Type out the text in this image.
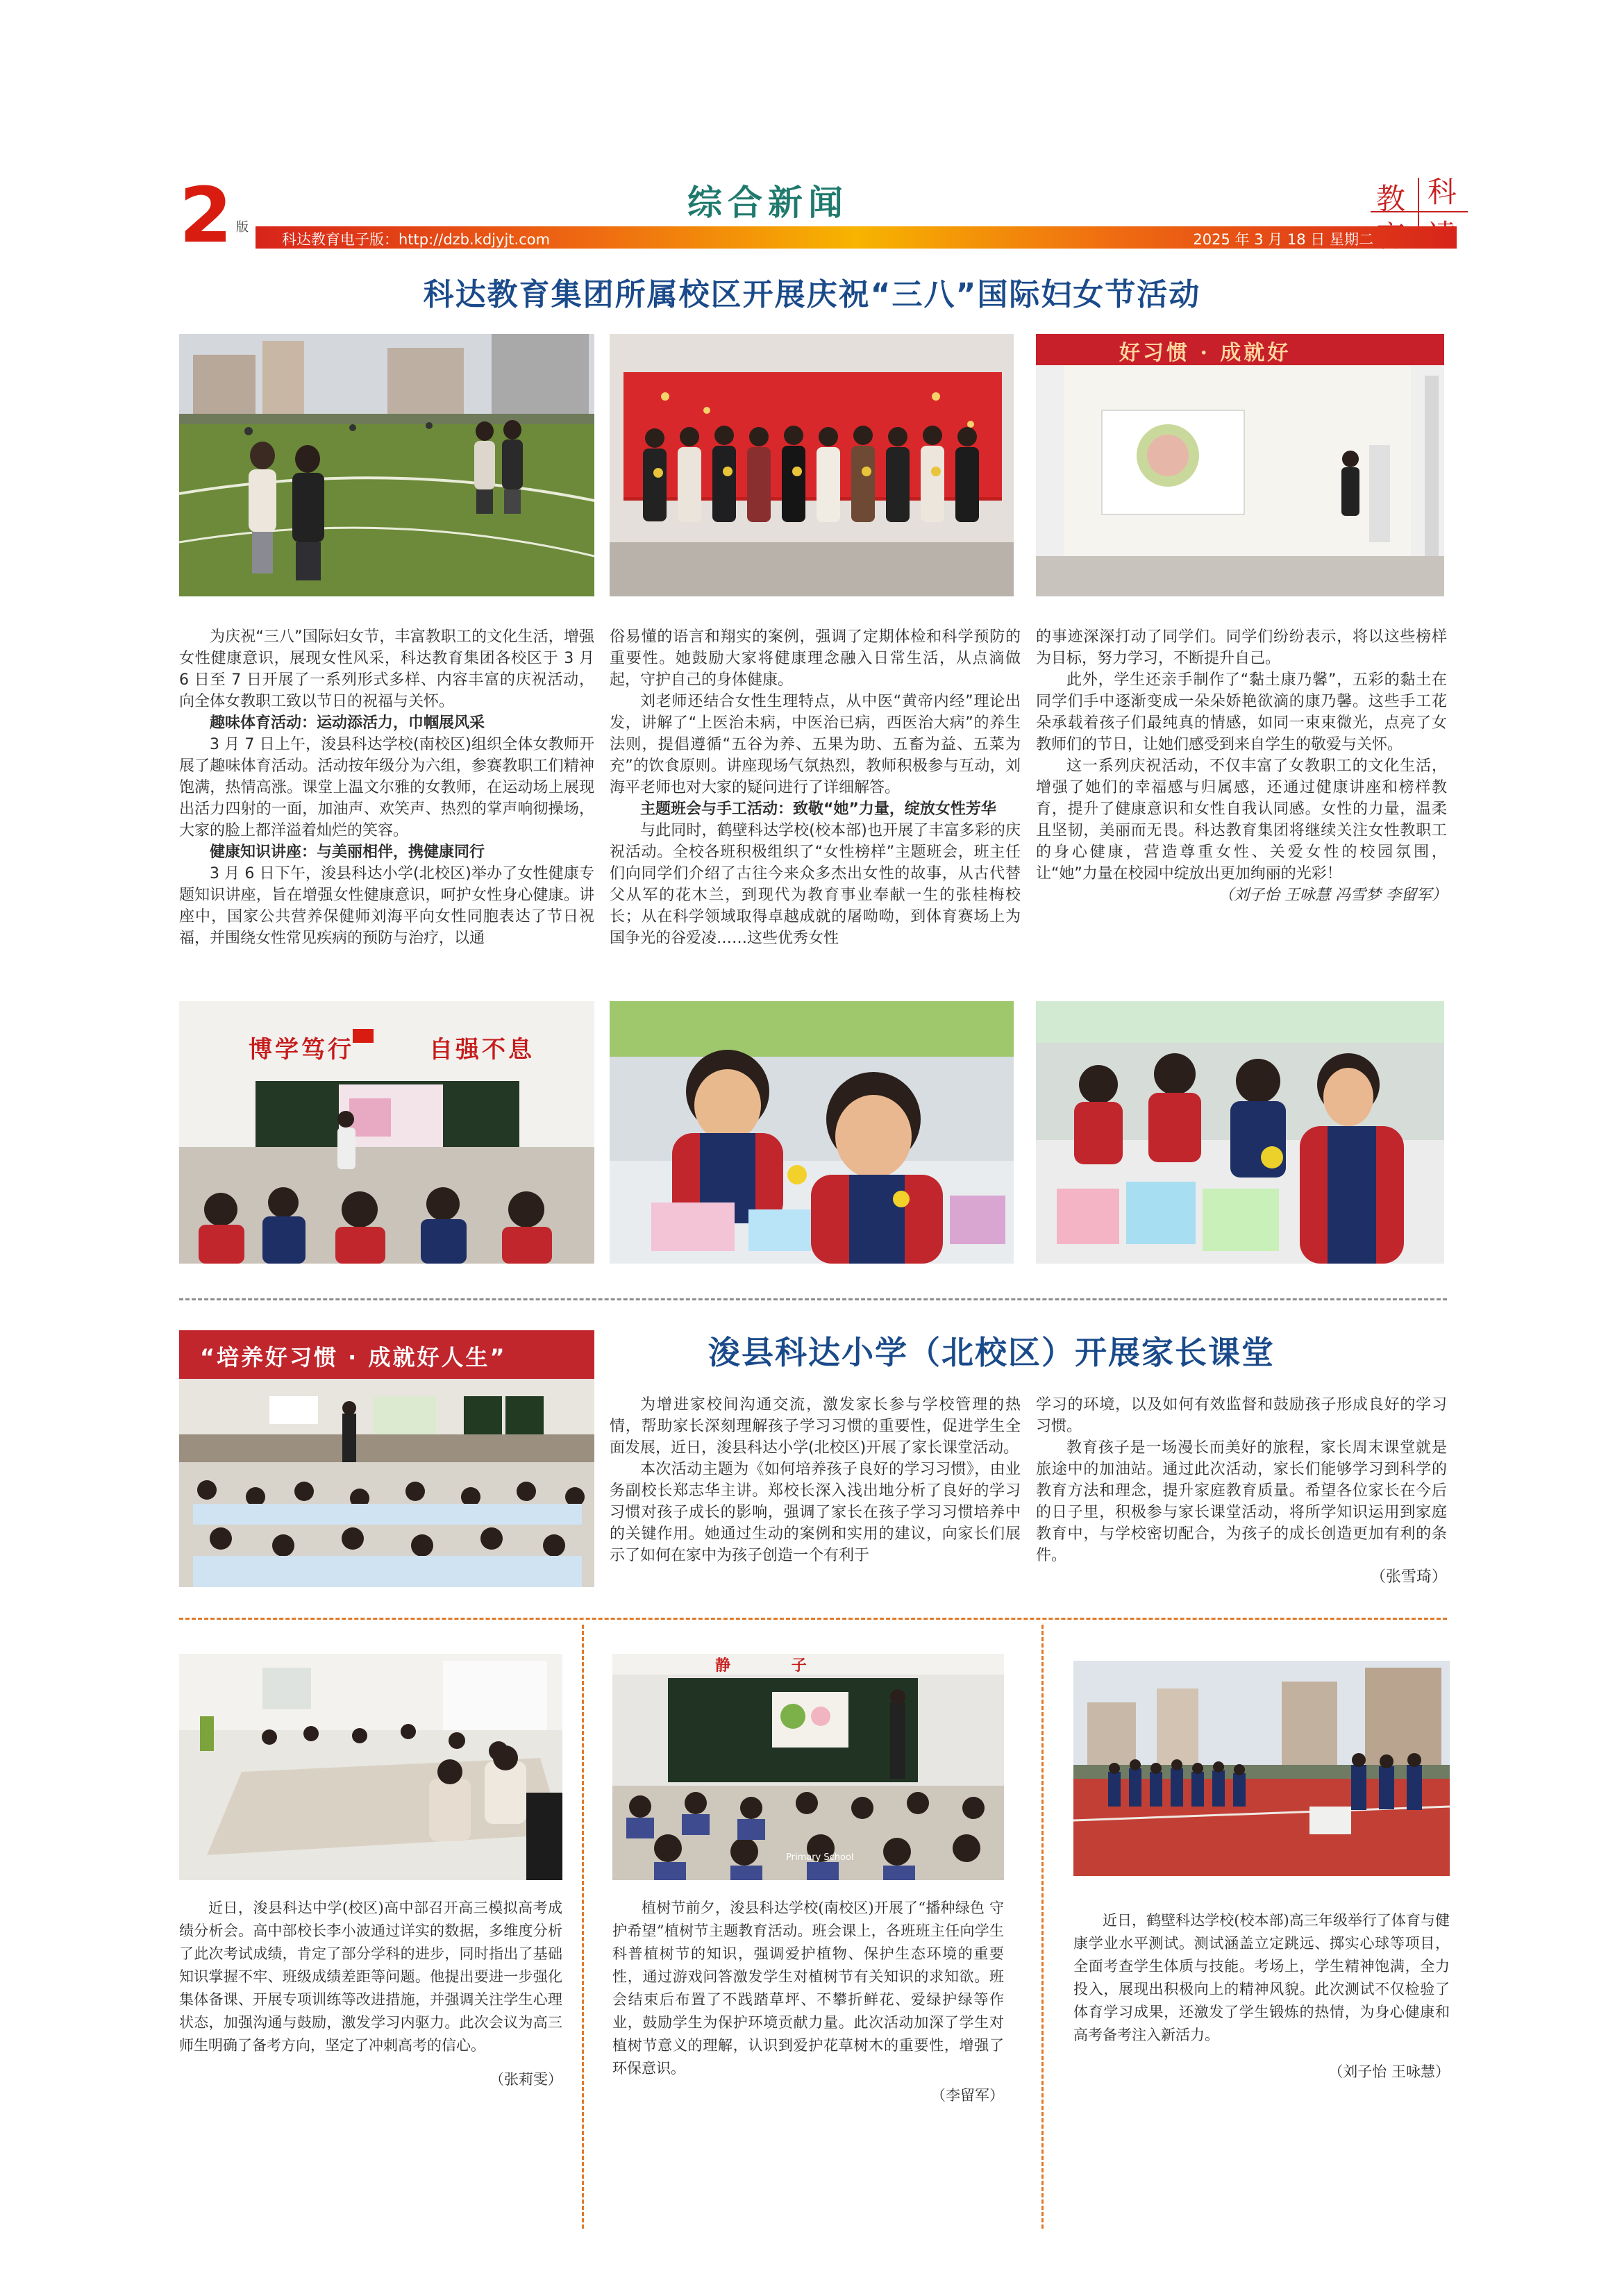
2 版
综合新闻	教 科
科达教育电子版：http://dzb.kdjyjt.com	2025 年 3 月 18 日 星期二
科达教育集团所属校区开展庆祝“三八”国际妇女节活动
好习惯 · 成就好

为庆祝“三八”国际妇女节，丰富教职工的文化生活，增强女性健康意识，展现女性风采，科达教育集团各校区于 3 月 6 日至 7 日开展了一系列形式多样、内容丰富的庆祝活动，向全体女教职工致以节日的祝福与关怀。

趣味体育活动：运动添活力，巾帼展风采

3 月 7 日上午，浚县科达学校(南校区)组织全体女教师开展了趣味体育活动。活动按年级分为六组，参赛教职工们精神饱满，热情高涨。课堂上温文尔雅的女教师，在运动场上展现出活力四射的一面，加油声、欢笑声、热烈的掌声响彻操场，大家的脸上都洋溢着灿烂的笑容。

健康知识讲座：与美丽相伴，携健康同行

3 月 6 日下午，浚县科达小学(北校区)举办了女性健康专题知识讲座，旨在增强女性健康意识，呵护女性身心健康。讲座中，国家公共营养保健师刘海平向女性同胞表达了节日祝福，并围绕女性常见疾病的预防与治疗，以通

俗易懂的语言和翔实的案例，强调了定期体检和科学预防的重要性。她鼓励大家将健康理念融入日常生活，从点滴做起，守护自己的身体健康。

刘老师还结合女性生理特点，从中医“黄帝内经”理论出发，讲解了“上医治未病，中医治已病，西医治大病”的养生法则，提倡遵循“五谷为养、五果为助、五畜为益、五菜为充”的饮食原则。讲座现场气氛热烈，教师积极参与互动，刘海平老师也对大家的疑问进行了详细解答。

主题班会与手工活动：致敬“她”力量，绽放女性芳华

与此同时，鹤壁科达学校(校本部)也开展了丰富多彩的庆祝活动。全校各班积极组织了“女性榜样”主题班会，班主任们向同学们介绍了古往今来众多杰出女性的故事，从古代替父从军的花木兰，到现代为教育事业奉献一生的张桂梅校长；从在科学领域取得卓越成就的屠呦呦，到体育赛场上为国争光的谷爱凌……这些优秀女性

的事迹深深打动了同学们。同学们纷纷表示，将以这些榜样为目标，努力学习，不断提升自己。

此外，学生还亲手制作了“黏土康乃馨”，五彩的黏土在同学们手中逐渐变成一朵朵娇艳欲滴的康乃馨。这些手工花朵承载着孩子们最纯真的情感，如同一束束微光，点亮了女教师们的节日，让她们感受到来自学生的敬爱与关怀。

这一系列庆祝活动，不仅丰富了女教职工的文化生活，增强了她们的幸福感与归属感，还通过健康讲座和榜样教育，提升了健康意识和女性自我认同感。女性的力量，温柔且坚韧，美丽而无畏。科达教育集团将继续关注女性教职工的身心健康，营造尊重女性、关爱女性的校园氛围，让“她”力量在校园中绽放出更加绚丽的光彩！

（刘子怡 王咏慧 冯雪梦 李留军）

博学笃行	自强不息
“培养好习惯 · 成就好人生”	浚县科达小学（北校区）开展家长课堂

为增进家校间沟通交流，激发家长参与学校管理的热情，帮助家长深刻理解孩子学习习惯的重要性，促进学生全面发展，近日，浚县科达小学(北校区)开展了家长课堂活动。

本次活动主题为《如何培养孩子良好的学习习惯》，由业务副校长郑志华主讲。郑校长深入浅出地分析了良好的学习习惯对孩子成长的影响，强调了家长在孩子学习习惯培养中的关键作用。她通过生动的案例和实用的建议，向家长们展示了如何在家中为孩子创造一个有利于

学习的环境，以及如何有效监督和鼓励孩子形成良好的学习习惯。

教育孩子是一场漫长而美好的旅程，家长周末课堂就是旅途中的加油站。通过此次活动，家长们能够学习到科学的教育方法和理念，提升家庭教育质量。希望各位家长在今后的日子里，积极参与家长课堂活动，将所学知识运用到家庭教育中，与学校密切配合，为孩子的成长创造更加有利的条件。

（张雪琦）

近日，浚县科达中学(校区)高中部召开高三模拟高考成绩分析会。高中部校长李小波通过详实的数据，多维度分析了此次考试成绩，肯定了部分学科的进步，同时指出了基础知识掌握不牢、班级成绩差距等问题。他提出要进一步强化集体备课、开展专项训练等改进措施，并强调关注学生心理状态，加强沟通与鼓励，激发学习内驱力。此次会议为高三师生明确了备考方向，坚定了冲刺高考的信心。

（张莉雯）

静 子
Primary School

植树节前夕，浚县科达学校(南校区)开展了“播种绿色 守护希望”植树节主题教育活动。班会课上，各班班主任向学生科普植树节的知识，强调爱护植物、保护生态环境的重要性，通过游戏问答激发学生对植树节有关知识的求知欲。班会结束后布置了不践踏草坪、不攀折鲜花、爱绿护绿等作业，鼓励学生为保护环境贡献力量。此次活动加深了学生对植树节意义的理解，认识到爱护花草树木的重要性，增强了环保意识。

（李留军）

近日，鹤壁科达学校(校本部)高三年级举行了体育与健康学业水平测试。测试涵盖立定跳远、掷实心球等项目，全面考查学生体质与技能。考场上，学生精神饱满，全力投入，展现出积极向上的精神风貌。此次测试不仅检验了体育学习成果，还激发了学生锻炼的热情，为身心健康和高考备考注入新活力。

（刘子怡 王咏慧）
